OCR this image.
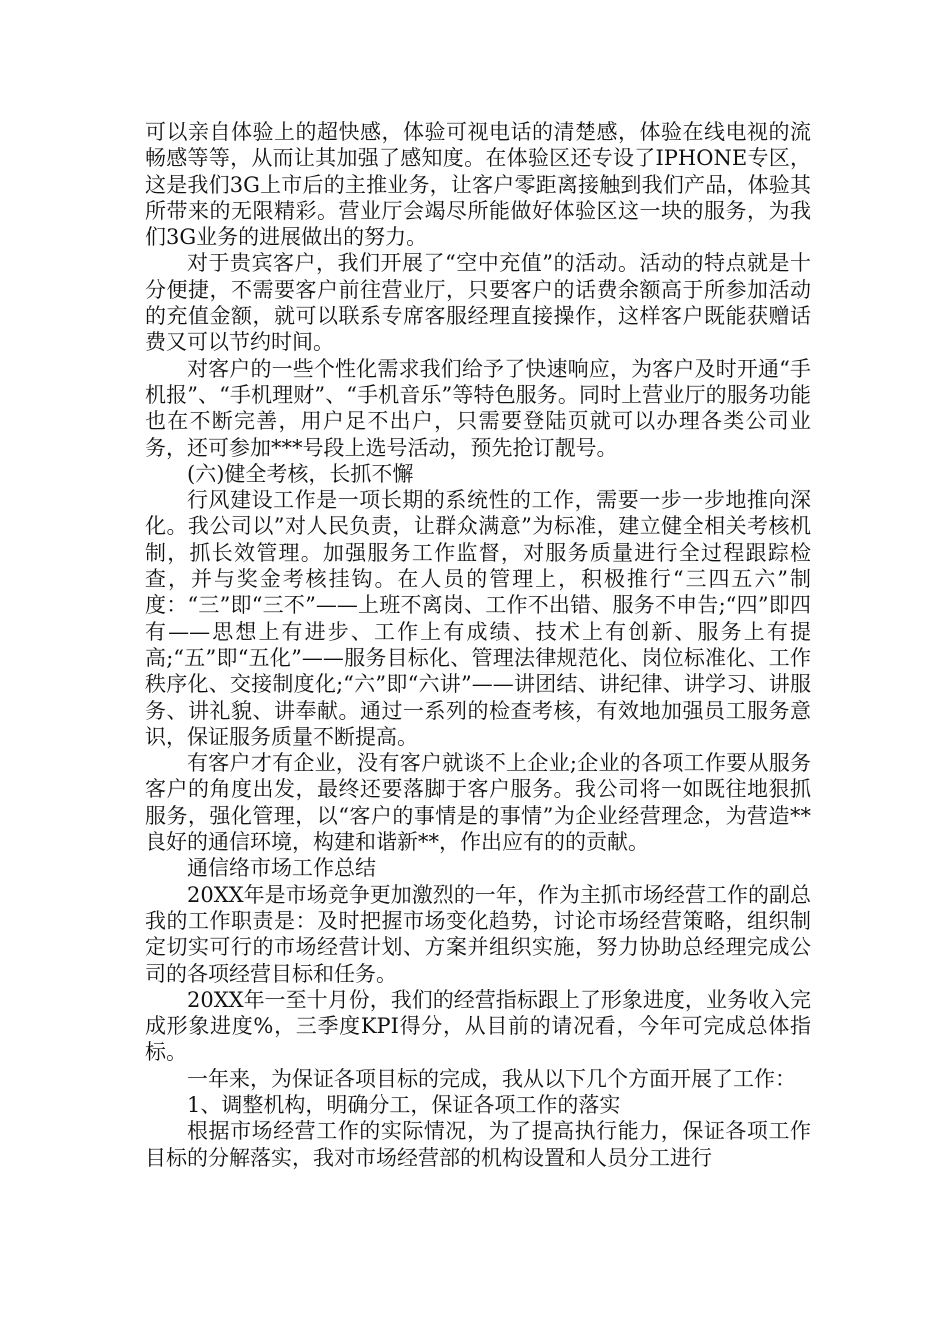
可以亲自体验上的超快感，体验可视电话的清楚感，体验在线电视的流畅感等等，从而让其加强了感知度。在体验区还专设了IPHONE专区，这是我们3G上市后的主推业务，让客户零距离接触到我们产品，体验其所带来的无限精彩。营业厅会竭尽所能做好体验区这一块的服务，为我们3G业务的进展做出的努力。

对于贵宾客户，我们开展了“空中充值”的活动。活动的特点就是十分便捷，不需要客户前往营业厅，只要客户的话费余额高于所参加活动的充值金额，就可以联系专席客服经理直接操作，这样客户既能获赠话费又可以节约时间。

对客户的一些个性化需求我们给予了快速响应，为客户及时开通“手机报”、“手机理财”、“手机音乐”等特色服务。同时上营业厅的服务功能也在不断完善，用户足不出户，只需要登陆页就可以办理各类公司业务，还可参加***号段上选号活动，预先抢订靓号。

(六)健全考核，长抓不懈

行风建设工作是一项长期的系统性的工作，需要一步一步地推向深化。我公司以”对人民负责，让群众满意”为标准，建立健全相关考核机制，抓长效管理。加强服务工作监督，对服务质量进行全过程跟踪检查，并与奖金考核挂钩。在人员的管理上，积极推行“三四五六”制度：“三”即“三不”——上班不离岗、工作不出错、服务不申告;“四”即四有——思想上有进步、工作上有成绩、技术上有创新、服务上有提高;“五”即“五化”——服务目标化、管理法律规范化、岗位标准化、工作秩序化、交接制度化;“六”即“六讲”——讲团结、讲纪律、讲学习、讲服务、讲礼貌、讲奉献。通过一系列的检查考核，有效地加强员工服务意识，保证服务质量不断提高。

有客户才有企业，没有客户就谈不上企业;企业的各项工作要从服务客户的角度出发，最终还要落脚于客户服务。我公司将一如既往地狠抓服务，强化管理，以“客户的事情是的事情”为企业经营理念，为营造**良好的通信环境，构建和谐新**，作出应有的的贡献。

通信络市场工作总结

20XX年是市场竞争更加激烈的一年，作为主抓市场经营工作的副总我的工作职责是：及时把握市场变化趋势，讨论市场经营策略，组织制定切实可行的市场经营计划、方案并组织实施，努力协助总经理完成公司的各项经营目标和任务。

20XX年一至十月份，我们的经营指标跟上了形象进度，业务收入完成形象进度%，三季度KPI得分，从目前的请况看，今年可完成总体指标。

一年来，为保证各项目标的完成，我从以下几个方面开展了工作：

1、调整机构，明确分工，保证各项工作的落实

根据市场经营工作的实际情况，为了提高执行能力，保证各项工作目标的分解落实，我对市场经营部的机构设置和人员分工进行
